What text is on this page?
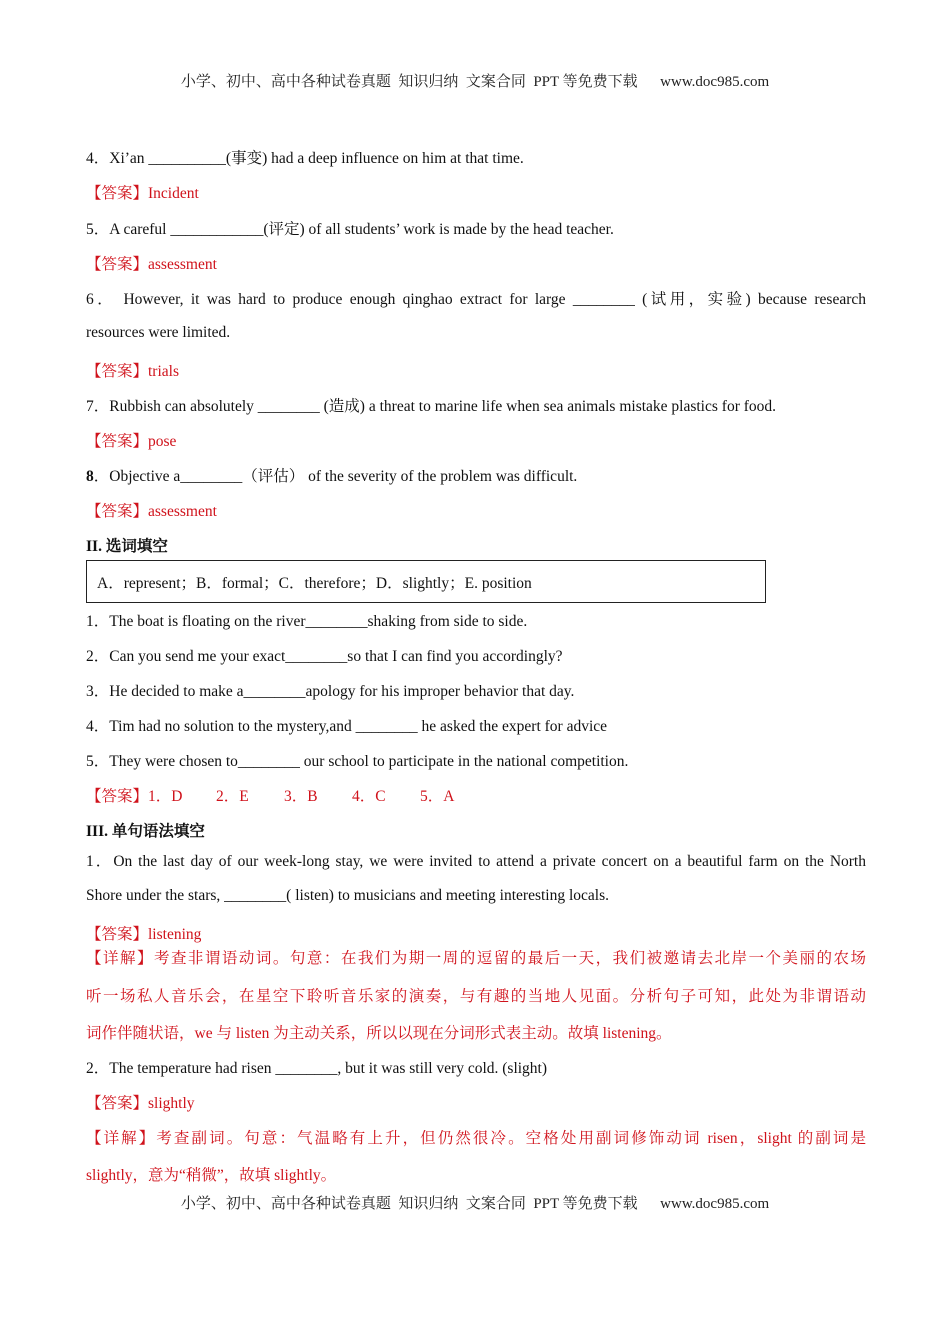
小学、初中、高中各种试卷真题  知识归纳  文案合同  PPT 等免费下载      www.doc985.com
4．Xi’an __________(事变) had a deep influence on him at that time.
【答案】Incident
5．A careful ____________(评定) of all students’ work is made by the head teacher.
【答案】assessment
6． However, it was hard to produce enough qinghao extract for large ________ (试用，实验) because research
resources were limited.
【答案】trials
7．Rubbish can absolutely ________ (造成) a threat to marine life when sea animals mistake plastics for food.
【答案】pose
8．Objective a________（评估） of the severity of the problem was difficult.
【答案】assessment
II. 选词填空
A．represent；B．formal；C．therefore；D．slightly；E. position
1．The boat is floating on the river________shaking from side to side.
2．Can you send me your exact________so that I can find you accordingly?
3．He decided to make a________apology for his improper behavior that day.
4．Tim had no solution to the mystery,and ________ he asked the expert for advice
5．They were chosen to________ our school to participate in the national competition.
【答案】1．D 2．E 3．B 4．C 5．A
III. 单句语法填空
1．On the last day of our week-long stay, we were invited to attend a private concert on a beautiful farm on the North
Shore under the stars, ________( listen) to musicians and meeting interesting locals.
【答案】listening
【详解】考查非谓语动词。句意：在我们为期一周的逗留的最后一天，我们被邀请去北岸一个美丽的农场
听一场私人音乐会，在星空下聆听音乐家的演奏，与有趣的当地人见面。分析句子可知，此处为非谓语动
词作伴随状语，we 与 listen 为主动关系，所以以现在分词形式表主动。故填 listening。
2．The temperature had risen ________, but it was still very cold. (slight)
【答案】slightly
【详解】考查副词。句意：气温略有上升，但仍然很冷。空格处用副词修饰动词 risen，slight 的副词是
slightly，意为“稍微”，故填 slightly。
小学、初中、高中各种试卷真题  知识归纳  文案合同  PPT 等免费下载      www.doc985.com
